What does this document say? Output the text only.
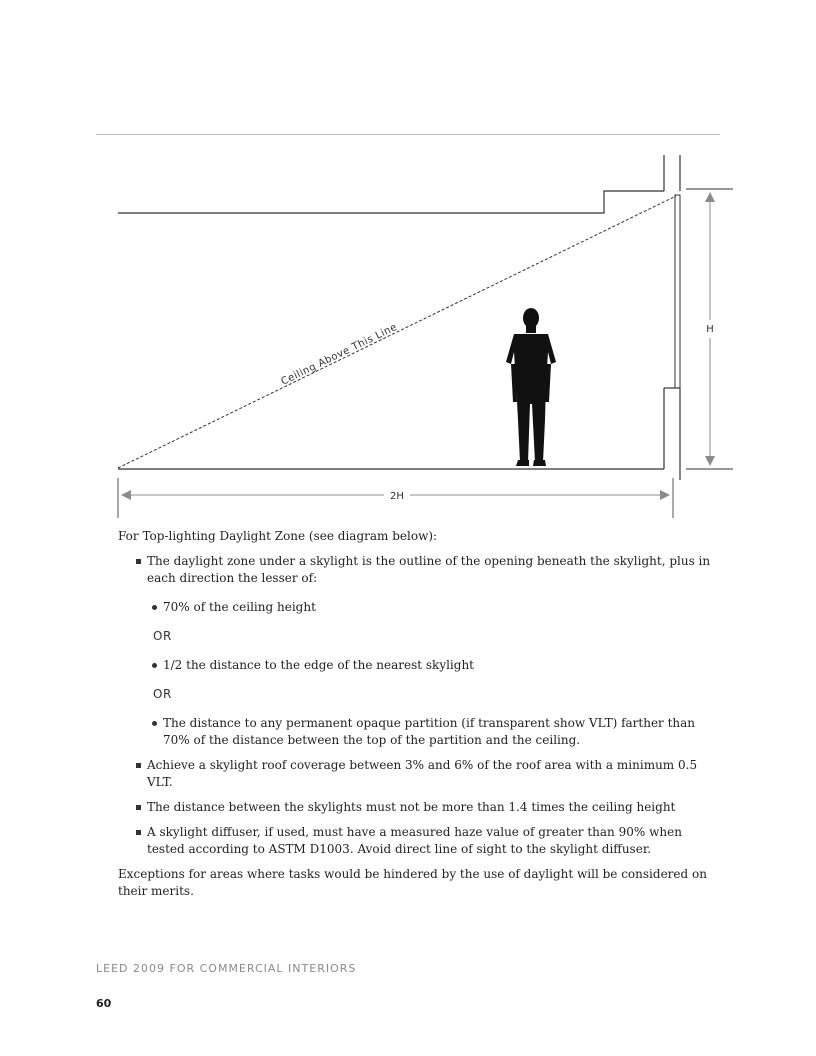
Ceiling Above This Line
2H
H

For Top-lighting Daylight Zone (see diagram below):

The daylight zone under a skylight is the outline of the opening beneath the skylight, plus in each direction the lesser of:
70% of the ceiling height
OR
1/2 the distance to the edge of the nearest skylight
OR
The distance to any permanent opaque partition (if transparent show VLT) farther than 70% of the distance between the top of the partition and the ceiling.
Achieve a skylight roof coverage between 3% and 6% of the roof area with a minimum 0.5 VLT.
The distance between the skylights must not be more than 1.4 times the ceiling height
A skylight diffuser, if used, must have a measured haze value of greater than 90% when tested according to ASTM D1003. Avoid direct line of sight to the skylight diffuser.

Exceptions for areas where tasks would be hindered by the use of daylight will be considered on their merits.

LEED 2009 FOR COMMERCIAL INTERIORS
60
